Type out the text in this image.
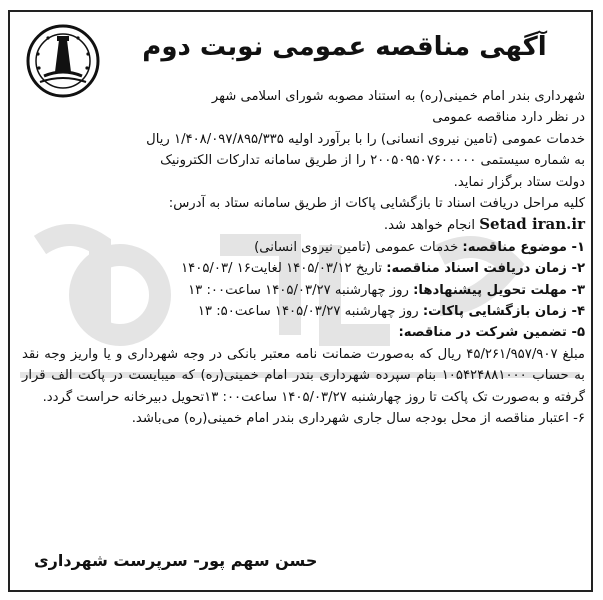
آگهی مناقصه عمومی نوبت دوم

شهرداری بندر امام خمینی(ره) به استناد مصوبه شورای اسلامی شهر

در نظر دارد مناقصه عمومی

خدمات عمومی (تامین نیروی انسانی) را با برآورد اولیه ۱/۴۰۸/۰۹۷/۸۹۵/۳۳۵ ریال

به شماره سیستمی ۲۰۰۵۰۹۵۰۷۶۰۰۰۰۰ را از طریق سامانه تدارکات الکترونیک

دولت ستاد برگزار نماید.

کلیه مراحل دریافت اسناد تا بازگشایی پاکات از طریق سامانه ستاد به آدرس:

Setad iran.ir انجام خواهد شد.

۱- موضوع مناقصه: خدمات عمومی (تامین نیروی انسانی)

۲- زمان دریافت اسناد مناقصه: تاریخ ۱۴۰۵/۰۳/۱۲ لغایت۱۶ /۱۴۰۵/۰۳

۳- مهلت تحویل پیشنهادها: روز چهارشنبه ۱۴۰۵/۰۳/۲۷ ساعت۰۰: ۱۳

۴- زمان بازگشایی پاکات: روز چهارشنبه ۱۴۰۵/۰۳/۲۷ ساعت۵۰: ۱۳

۵- تضمین شرکت در مناقصه:

مبلغ ۴۵/۲۶۱/۹۵۷/۹۰۷ ریال که به‌صورت ضمانت نامه معتبر بانکی در وجه شهرداری و یا واریز وجه نقد به حساب ۱۰۵۴۲۴۸۸۱۰۰۰ بنام سپرده شهرداری بندر امام خمینی(ره) که میبایست در پاکت الف قرار گرفته و به‌صورت تک پاکت تا روز چهارشنبه ۱۴۰۵/۰۳/۲۷ ساعت۰۰: ۱۳تحویل دبیرخانه حراست گردد.

۶- اعتبار مناقصه از محل بودجه سال جاری شهرداری بندر امام خمینی(ره) می‌باشد.

حسن سهم پور- سرپرست شهرداری
